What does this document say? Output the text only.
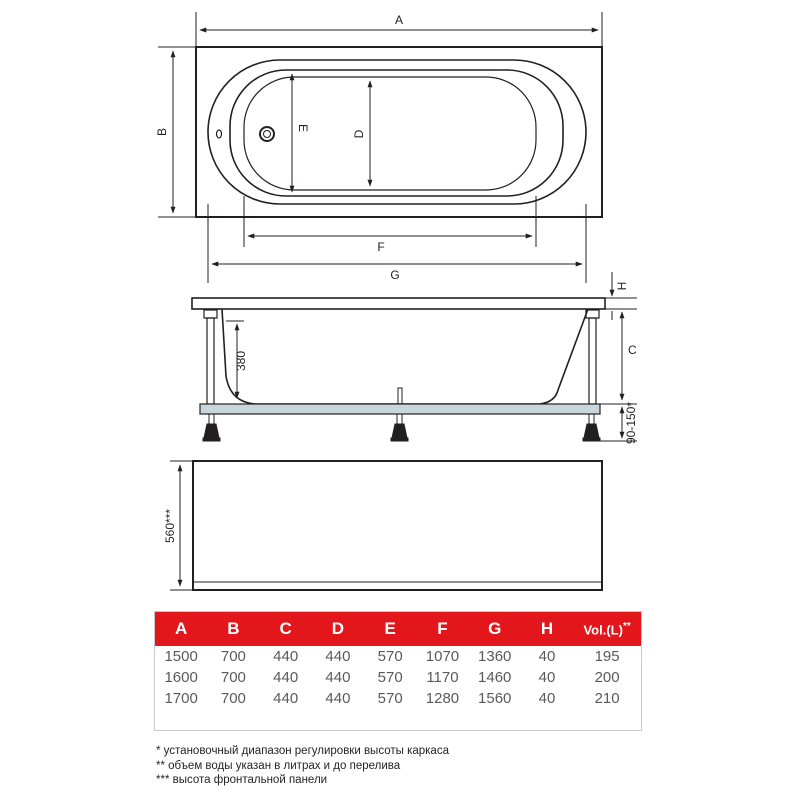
A
B	D
E
F
G
H
C
380
90-150*
560***
A	B	C	D	E	F	G	H	Vol.(L)**
1500	700	440	440	570	1070	1360	40	195
1600	700	440	440	570	1170	1460	40	200
1700	700	440	440	570	1280	1560	40	210
* установочный диапазон регулировки высоты каркаса
** объем воды указан в литрах и до перелива
*** высота фронтальной панели
